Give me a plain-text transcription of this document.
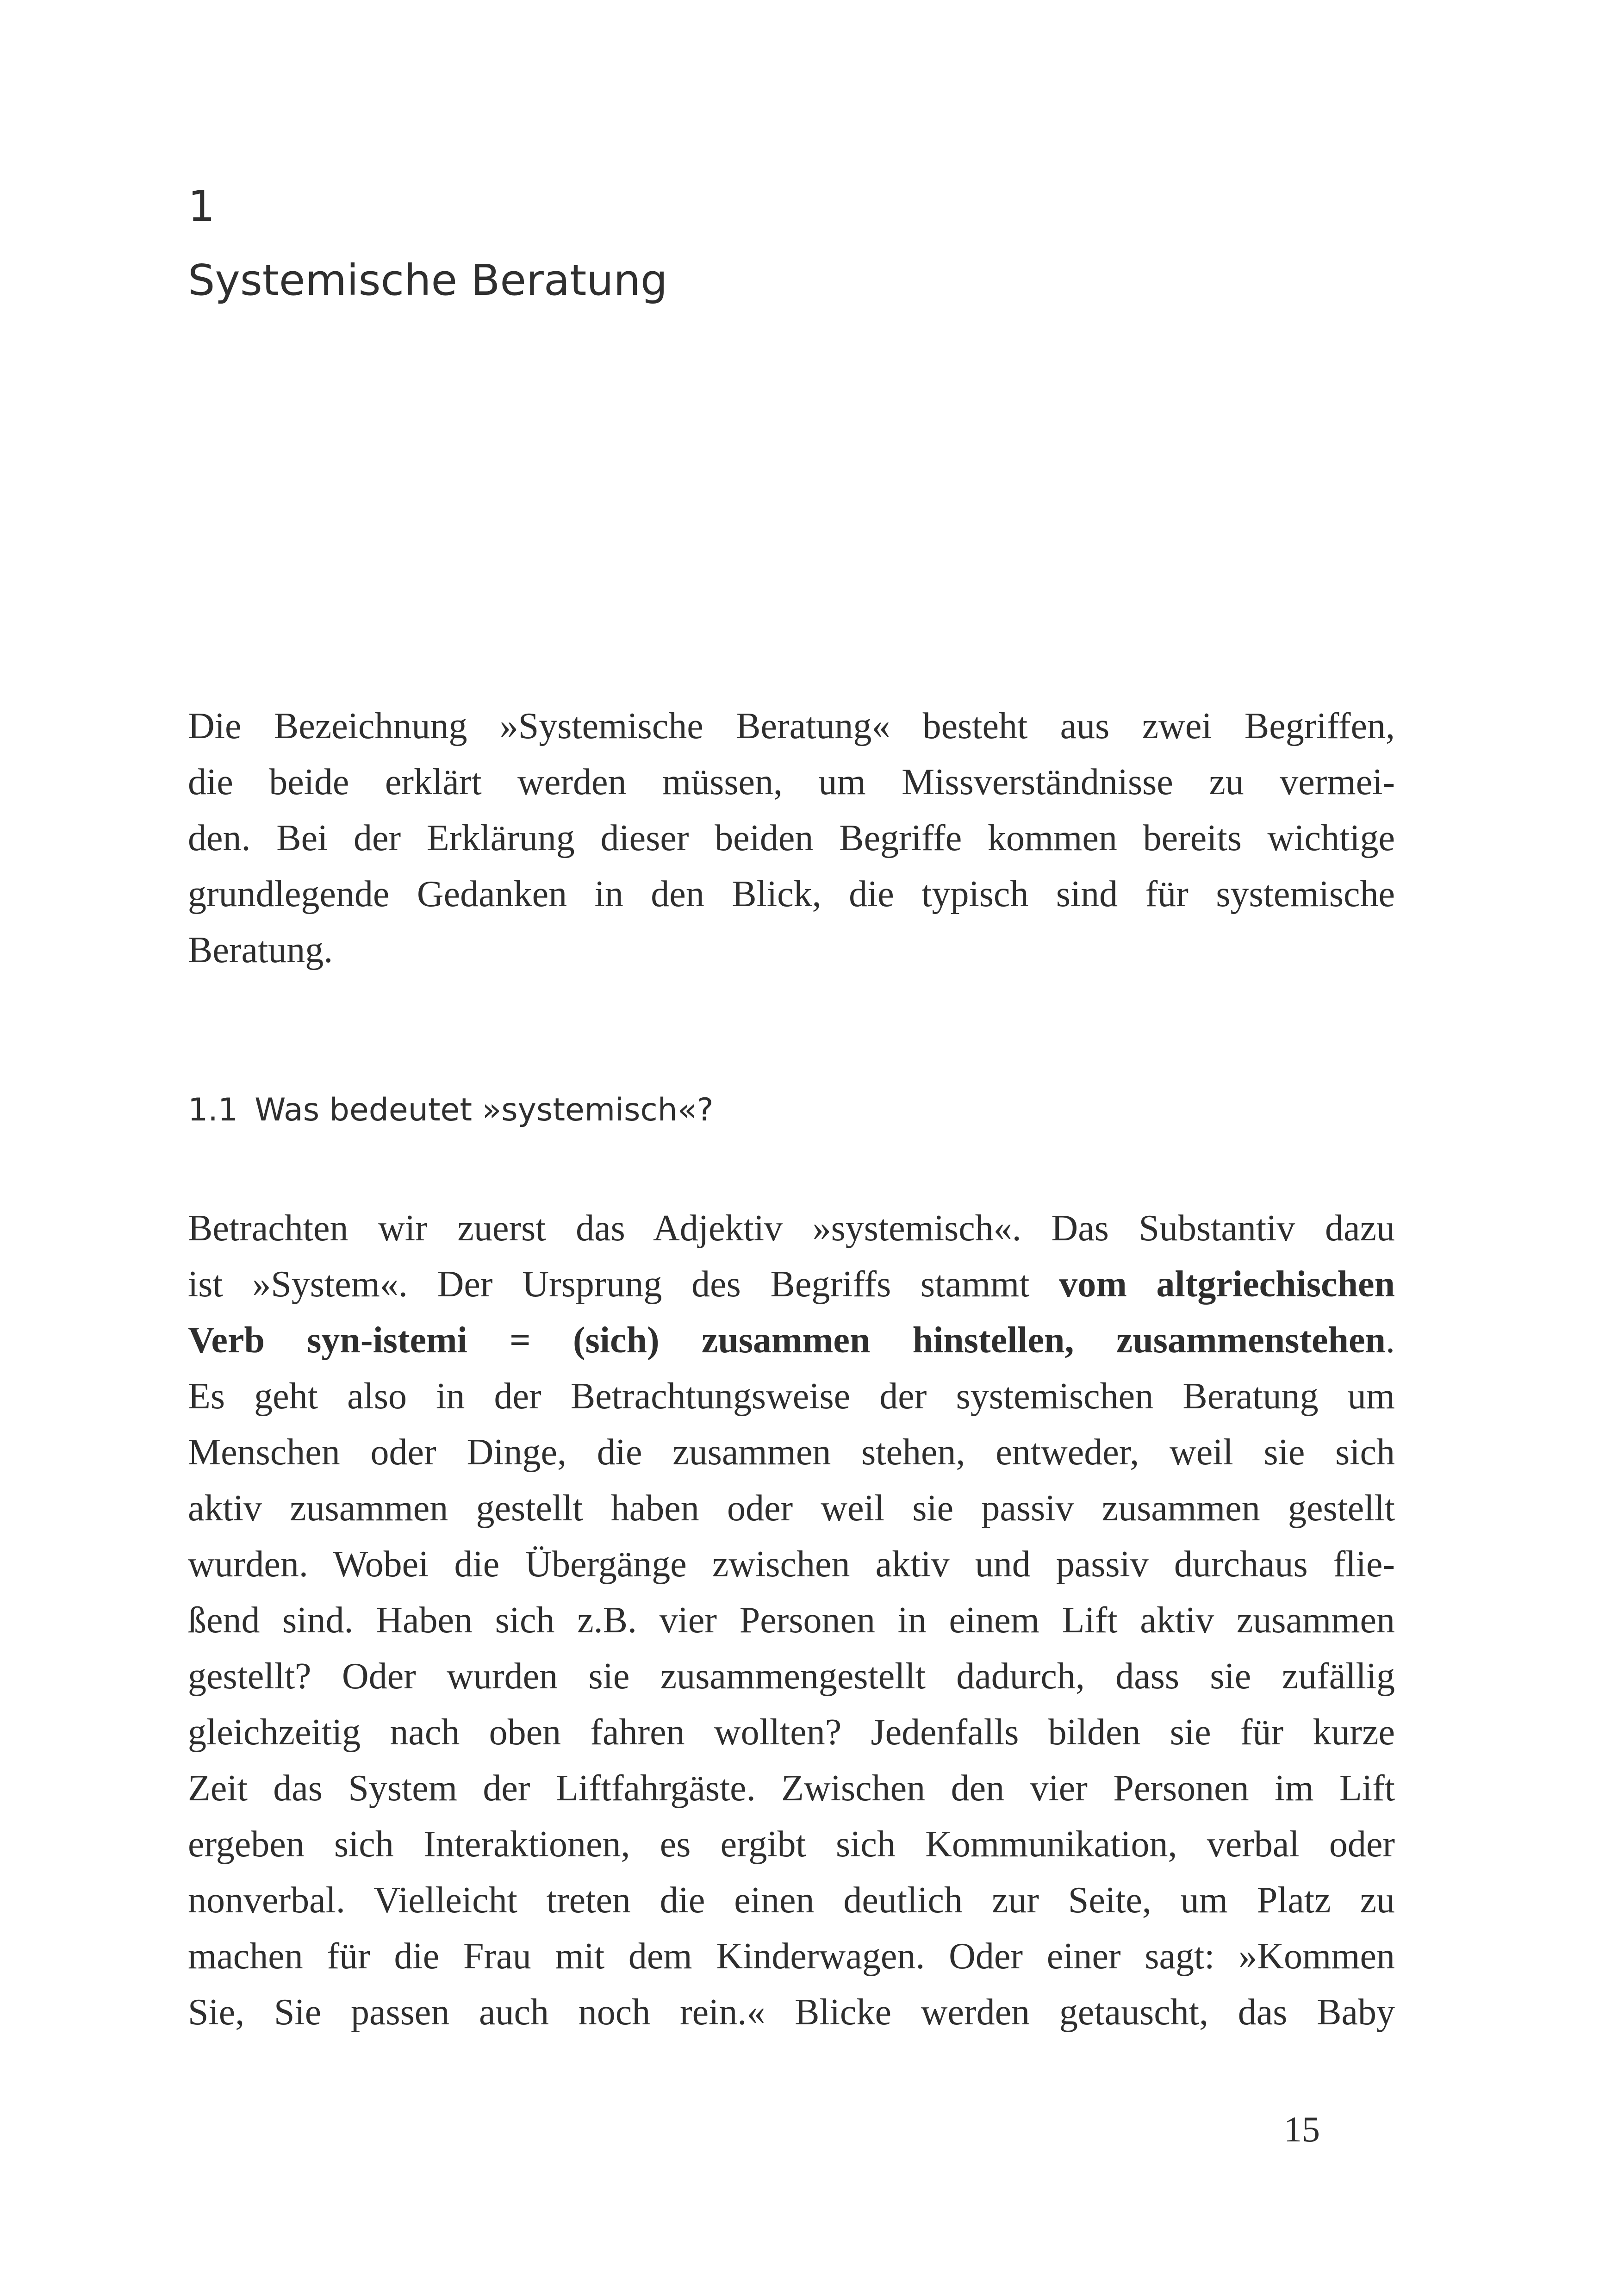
1
Systemische Beratung
Die Bezeichnung »Systemische Beratung« besteht aus zwei Begriffen,
die beide erklärt werden müssen, um Missverständnisse zu vermei-
den. Bei der Erklärung dieser beiden Begriffe kommen bereits wichtige
grundlegende Gedanken in den Blick, die typisch sind für systemische
Beratung.
1.1 Was bedeutet »systemisch«?
Betrachten wir zuerst das Adjektiv »systemisch«. Das Substantiv dazu
ist »System«. Der Ursprung des Begriffs stammt vom altgriechischen
Verb syn-istemi = (sich) zusammen hinstellen, zusammenstehen.
Es geht also in der Betrachtungsweise der systemischen Beratung um
Menschen oder Dinge, die zusammen stehen, entweder, weil sie sich
aktiv zusammen gestellt haben oder weil sie passiv zusammen gestellt
wurden. Wobei die Übergänge zwischen aktiv und passiv durchaus flie-
ßend sind. Haben sich z.B. vier Personen in einem Lift aktiv zusammen
gestellt? Oder wurden sie zusammengestellt dadurch, dass sie zufällig
gleichzeitig nach oben fahren wollten? Jedenfalls bilden sie für kurze
Zeit das System der Liftfahrgäste. Zwischen den vier Personen im Lift
ergeben sich Interaktionen, es ergibt sich Kommunikation, verbal oder
nonverbal. Vielleicht treten die einen deutlich zur Seite, um Platz zu
machen für die Frau mit dem Kinderwagen. Oder einer sagt: »Kommen
Sie, Sie passen auch noch rein.« Blicke werden getauscht, das Baby
15
